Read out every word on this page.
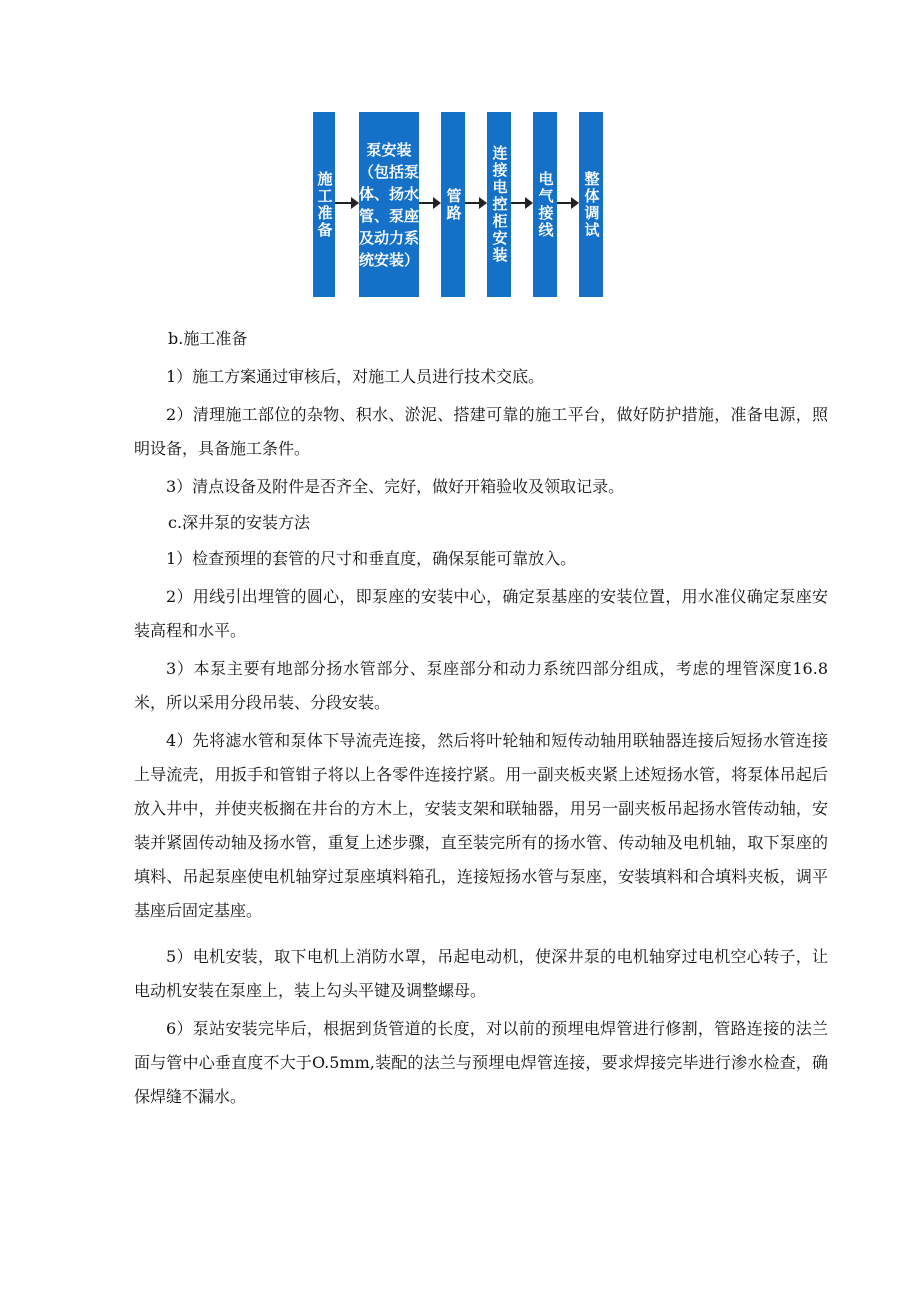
施工准备
泵安装（包括泵体、扬水管、泵座及动力系统安装）
管路 连接电控柜安装 电气接线 整体调试
b.施工准备
1）施工方案通过审核后，对施工人员进行技术交底。
2）清理施工部位的杂物、积水、淤泥、搭建可靠的施工平台，做好防护措施，准备电源，照明设备，具备施工条件。
3）清点设备及附件是否齐全、完好，做好开箱验收及领取记录。
c.深井泵的安装方法
1）检查预埋的套管的尺寸和垂直度，确保泵能可靠放入。
2）用线引出埋管的圆心，即泵座的安装中心，确定泵基座的安装位置，用水准仪确定泵座安装高程和水平。
3）本泵主要有地部分扬水管部分、泵座部分和动力系统四部分组成，考虑的埋管深度16.8米，所以采用分段吊装、分段安装。
4）先将滤水管和泵体下导流壳连接，然后将叶轮轴和短传动轴用联轴器连接后短扬水管连接上导流壳，用扳手和管钳子将以上各零件连接拧紧。用一副夹板夹紧上述短扬水管，将泵体吊起后放入井中，并使夹板搁在井台的方木上，安装支架和联轴器，用另一副夹板吊起扬水管传动轴，安装并紧固传动轴及扬水管，重复上述步骤，直至装完所有的扬水管、传动轴及电机轴，取下泵座的填料、吊起泵座使电机轴穿过泵座填料箱孔，连接短扬水管与泵座，安装填料和合填料夹板，调平基座后固定基座。
5）电机安装，取下电机上消防水罩，吊起电动机，使深井泵的电机轴穿过电机空心转子，让电动机安装在泵座上，装上勾头平键及调整螺母。
6）泵站安装完毕后，根据到货管道的长度，对以前的预埋电焊管进行修割，管路连接的法兰面与管中心垂直度不大于O.5mm,装配的法兰与预埋电焊管连接，要求焊接完毕进行渗水检查，确保焊缝不漏水。
